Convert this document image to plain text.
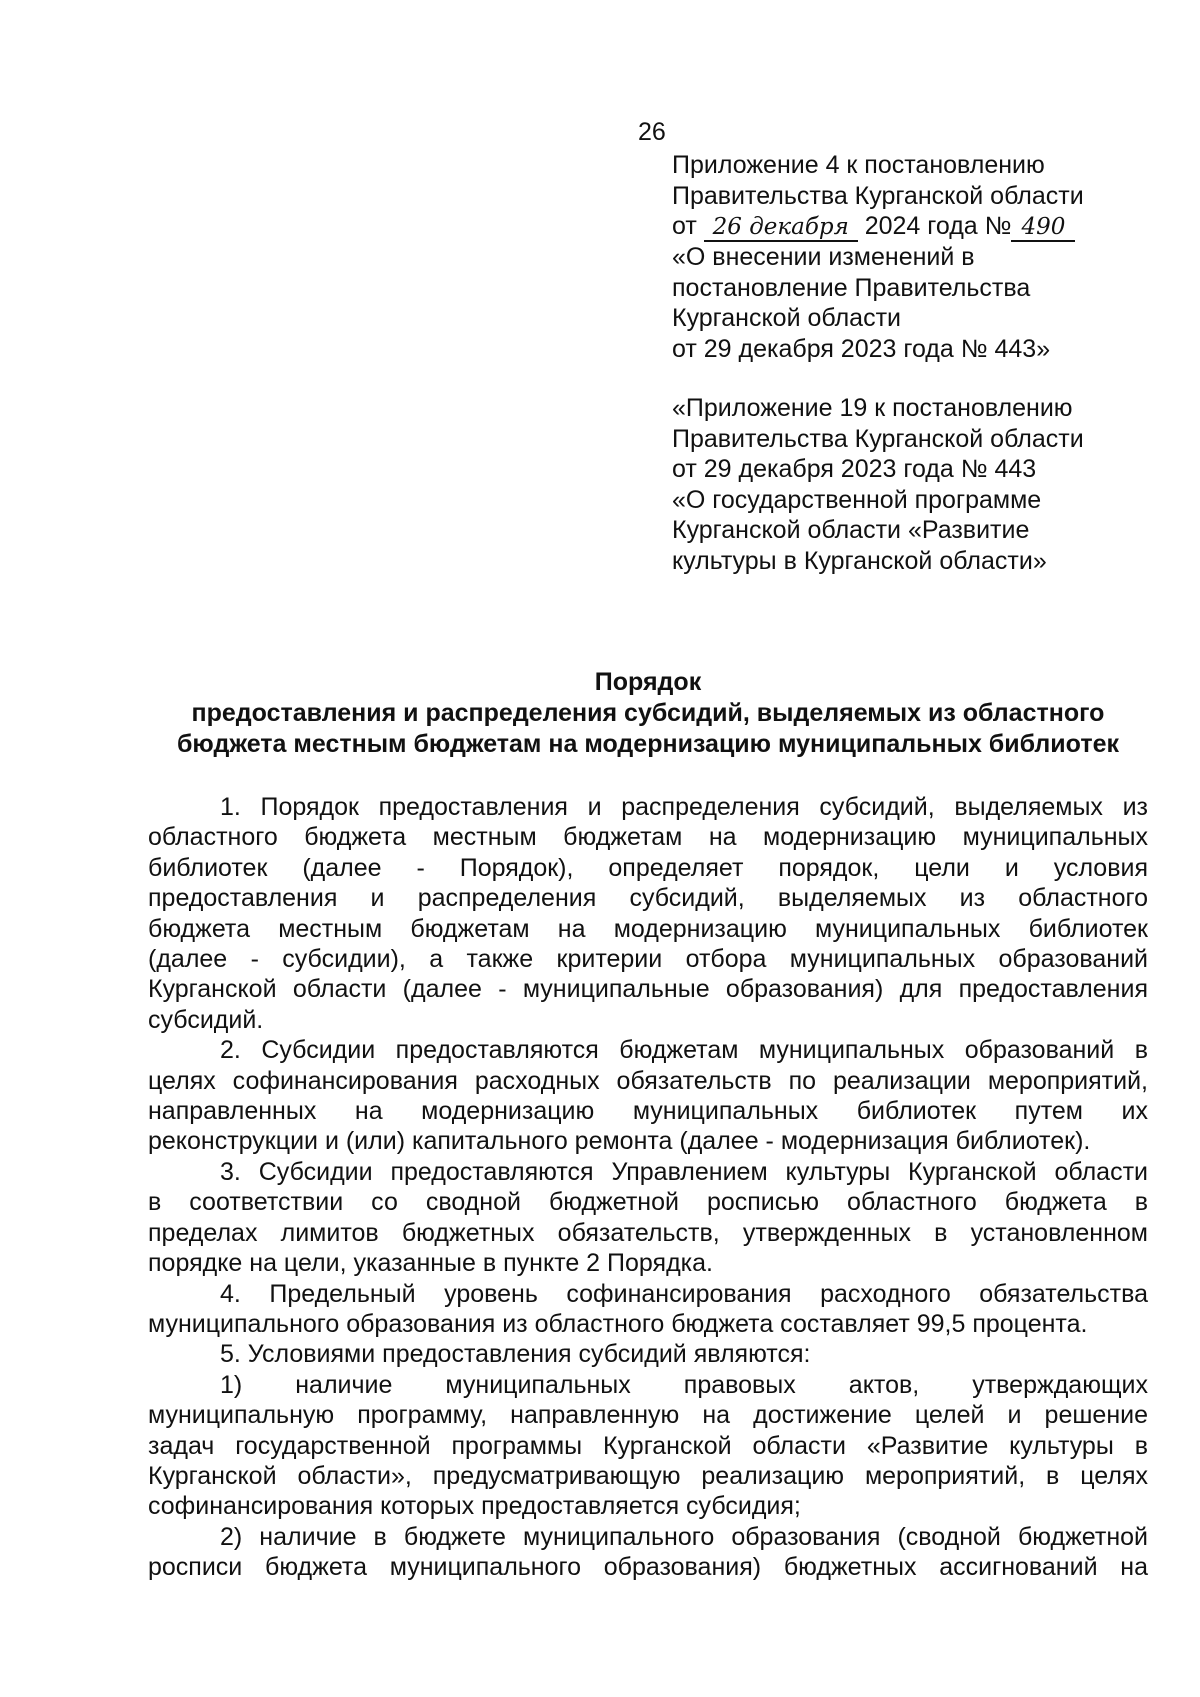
26
Приложение 4 к постановлению
Правительства Курганской области
от 26 декабря 2024 года № 490
«О внесении изменений в
постановление Правительства
Курганской области
от 29 декабря 2023 года № 443»
«Приложение 19 к постановлению
Правительства Курганской области
от 29 декабря 2023 года № 443
«О государственной программе
Курганской области «Развитие
культуры в Курганской области»
Порядок
предоставления и распределения субсидий, выделяемых из областного
бюджета местным бюджетам на модернизацию муниципальных библиотек

1. Порядок предоставления и распределения субсидий, выделяемых из
областного бюджета местным бюджетам на модернизацию муниципальных
библиотек (далее - Порядок), определяет порядок, цели и условия
предоставления и распределения субсидий, выделяемых из областного
бюджета местным бюджетам на модернизацию муниципальных библиотек
(далее - субсидии), а также критерии отбора муниципальных образований
Курганской области (далее - муниципальные образования) для предоставления
субсидий.

2. Субсидии предоставляются бюджетам муниципальных образований в
целях софинансирования расходных обязательств по реализации мероприятий,
направленных на модернизацию муниципальных библиотек путем их
реконструкции и (или) капитального ремонта (далее - модернизация библиотек).

3. Субсидии предоставляются Управлением культуры Курганской области
в соответствии со сводной бюджетной росписью областного бюджета в
пределах лимитов бюджетных обязательств, утвержденных в установленном
порядке на цели, указанные в пункте 2 Порядка.

4. Предельный уровень софинансирования расходного обязательства
муниципального образования из областного бюджета составляет 99,5 процента.

5. Условиями предоставления субсидий являются:

1) наличие муниципальных правовых актов, утверждающих
муниципальную программу, направленную на достижение целей и решение
задач государственной программы Курганской области «Развитие культуры в
Курганской области», предусматривающую реализацию мероприятий, в целях
софинансирования которых предоставляется субсидия;

2) наличие в бюджете муниципального образования (сводной бюджетной
росписи бюджета муниципального образования) бюджетных ассигнований на
